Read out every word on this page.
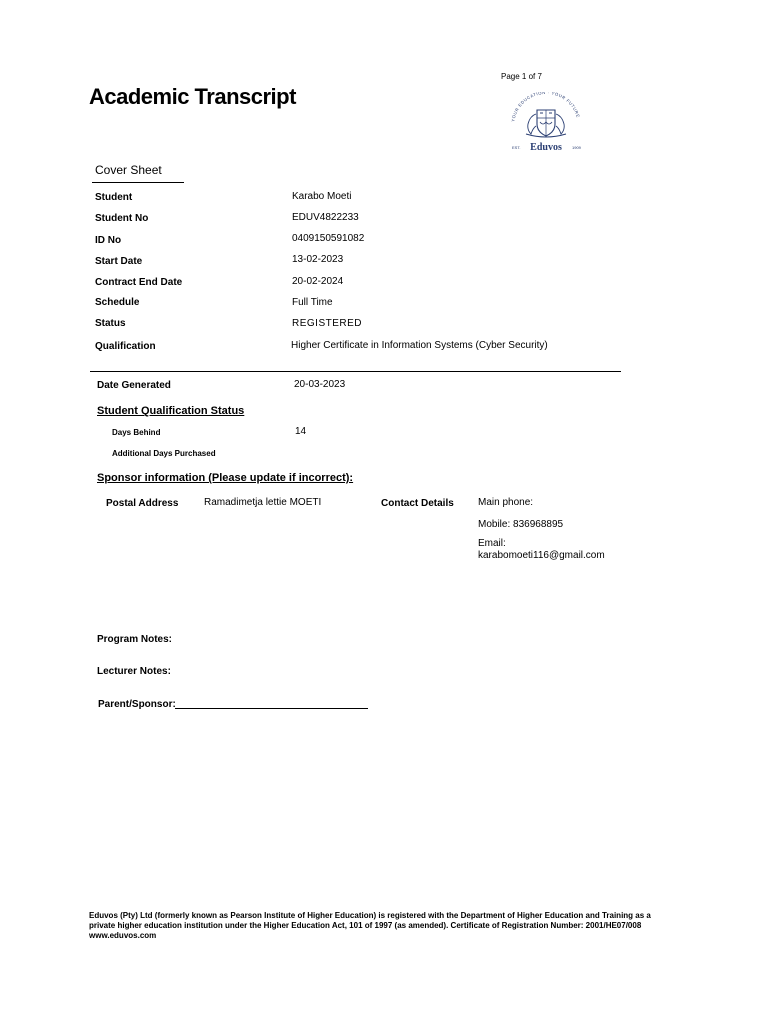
Page 1 of 7
Academic Transcript
YOUR EDUCATION · YOUR FUTURE
EST. Eduvos	1909
Cover Sheet
Student	Karabo Moeti
Student No	EDUV4822233
ID No	0409150591082
Start Date	13-02-2023
Contract End Date	20-02-2024
Schedule	Full Time
Status	REGISTERED
Qualification	Higher Certificate in Information Systems (Cyber Security)
Date Generated	20-03-2023
Student Qualification Status
Days Behind	14
Additional Days Purchased
Sponsor information (Please update if incorrect):
Postal Address	Ramadimetja lettie MOETI	Contact Details Main phone:
Mobile: 836968895
Email:
karabomoeti116@gmail.com
Program Notes:
Lecturer Notes:
Parent/Sponsor:
Eduvos (Pty) Ltd (formerly known as Pearson Institute of Higher Education) is registered with the Department of Higher Education and Training as a private higher education institution under the Higher Education Act, 101 of 1997 (as amended). Certificate of Registration Number: 2001/HE07/008 www.eduvos.com
